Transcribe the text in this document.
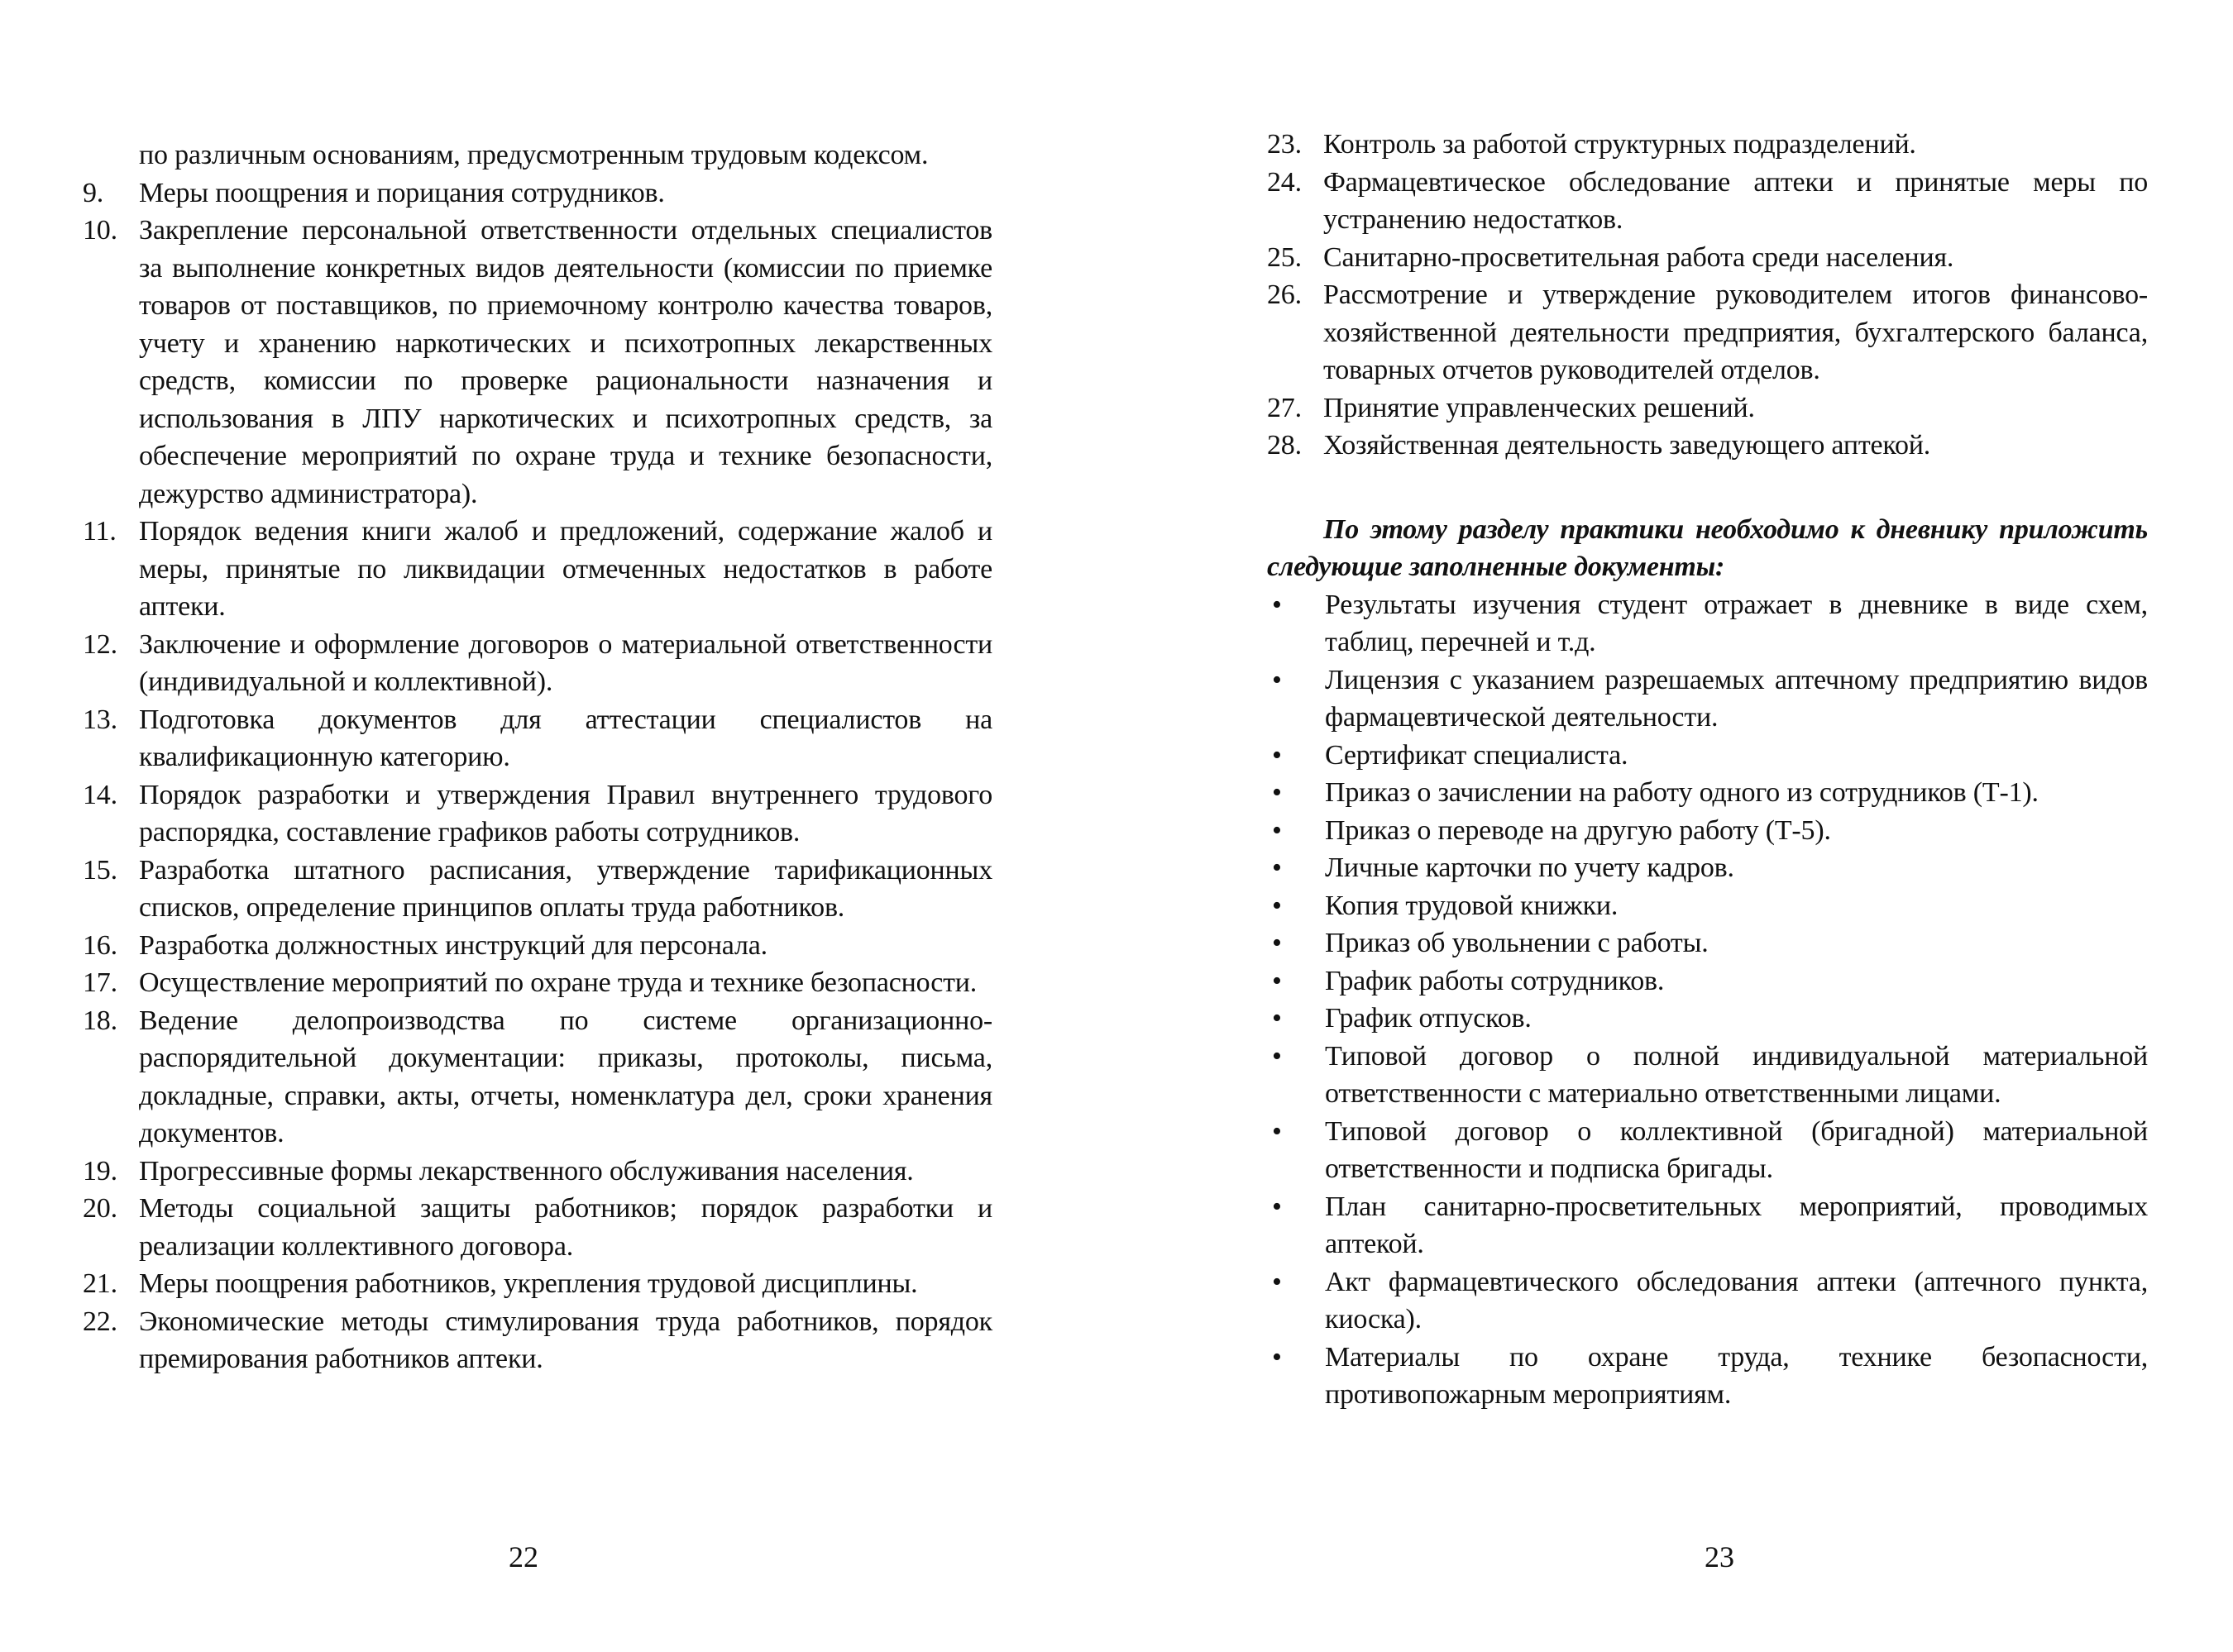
по различным основаниям, предусмотренным трудовым кодексом.

9.	Меры поощрения и порицания сотрудников.
10. Закрепление персональной ответственности отдельных специалистов за выполнение конкретных видов деятельности (комиссии по приемке товаров от поставщиков, по приемочному контролю качества товаров, учету и хранению наркотических и психотропных лекарственных средств, комиссии по проверке рациональности назначения и использования в ЛПУ наркотических и психотропных средств, за обеспечение мероприятий по охране труда и технике безопасности, дежурство администратора).
11. Порядок ведения книги жалоб и предложений, содержание жалоб и меры, принятые по ликвидации отмеченных недостатков в работе аптеки.
12. Заключение и оформление договоров о материальной ответственности (индивидуальной и коллективной).
13. Подготовка документов для аттестации специалистов на квалификационную категорию.
14. Порядок разработки и утверждения Правил внутреннего трудового распорядка, составление графиков работы сотрудников.
15. Разработка штатного расписания, утверждение тарификационных списков, определение принципов оплаты труда работников.
16. Разработка должностных инструкций для персонала.
17. Осуществление мероприятий по охране труда и технике безопасности.
18. Ведение делопроизводства по системе организационно-распорядительной документации: приказы, протоколы, письма, докладные, справки, акты, отчеты, номенклатура дел, сроки хранения документов.
19. Прогрессивные формы лекарственного обслуживания населения.
20. Методы социальной защиты работников; порядок разработки и реализации коллективного договора.
21. Меры поощрения работников, укрепления трудовой дисциплины.
22. Экономические методы стимулирования труда работников, порядок премирования работников аптеки.
22
23. Контроль за работой структурных подразделений.
24. Фармацевтическое обследование аптеки и принятые меры по устранению недостатков.
25. Санитарно-просветительная работа среди населения.
26. Рассмотрение и утверждение руководителем итогов финансово-хозяйственной деятельности предприятия, бухгалтерского баланса, товарных отчетов руководителей отделов.
27. Принятие управленческих решений.
28. Хозяйственная деятельность заведующего аптекой.

По этому разделу практики необходимо к дневнику приложить следующие заполненные документы:

•	Результаты изучения студент отражает в дневнике в виде схем, таблиц, перечней и т.д.
•	Лицензия с указанием разрешаемых аптечному предприятию видов фармацевтической деятельности.
•	Сертификат специалиста.
•	Приказ о зачислении на работу одного из сотрудников (Т-1).
•	Приказ о переводе на другую работу (Т-5).
•	Личные карточки по учету кадров.
•	Копия трудовой книжки.
•	Приказ об увольнении с работы.
•	График работы сотрудников.
•	График отпусков.
•	Типовой договор о полной индивидуальной материальной ответственности с материально ответственными лицами.
•	Типовой договор о коллективной (бригадной) материальной ответственности и подписка бригады.
•	План санитарно-просветительных мероприятий, проводимых аптекой.
•	Акт фармацевтического обследования аптеки (аптечного пункта, киоска).
•	Материалы по охране труда, технике безопасности, противопожарным мероприятиям.
23
